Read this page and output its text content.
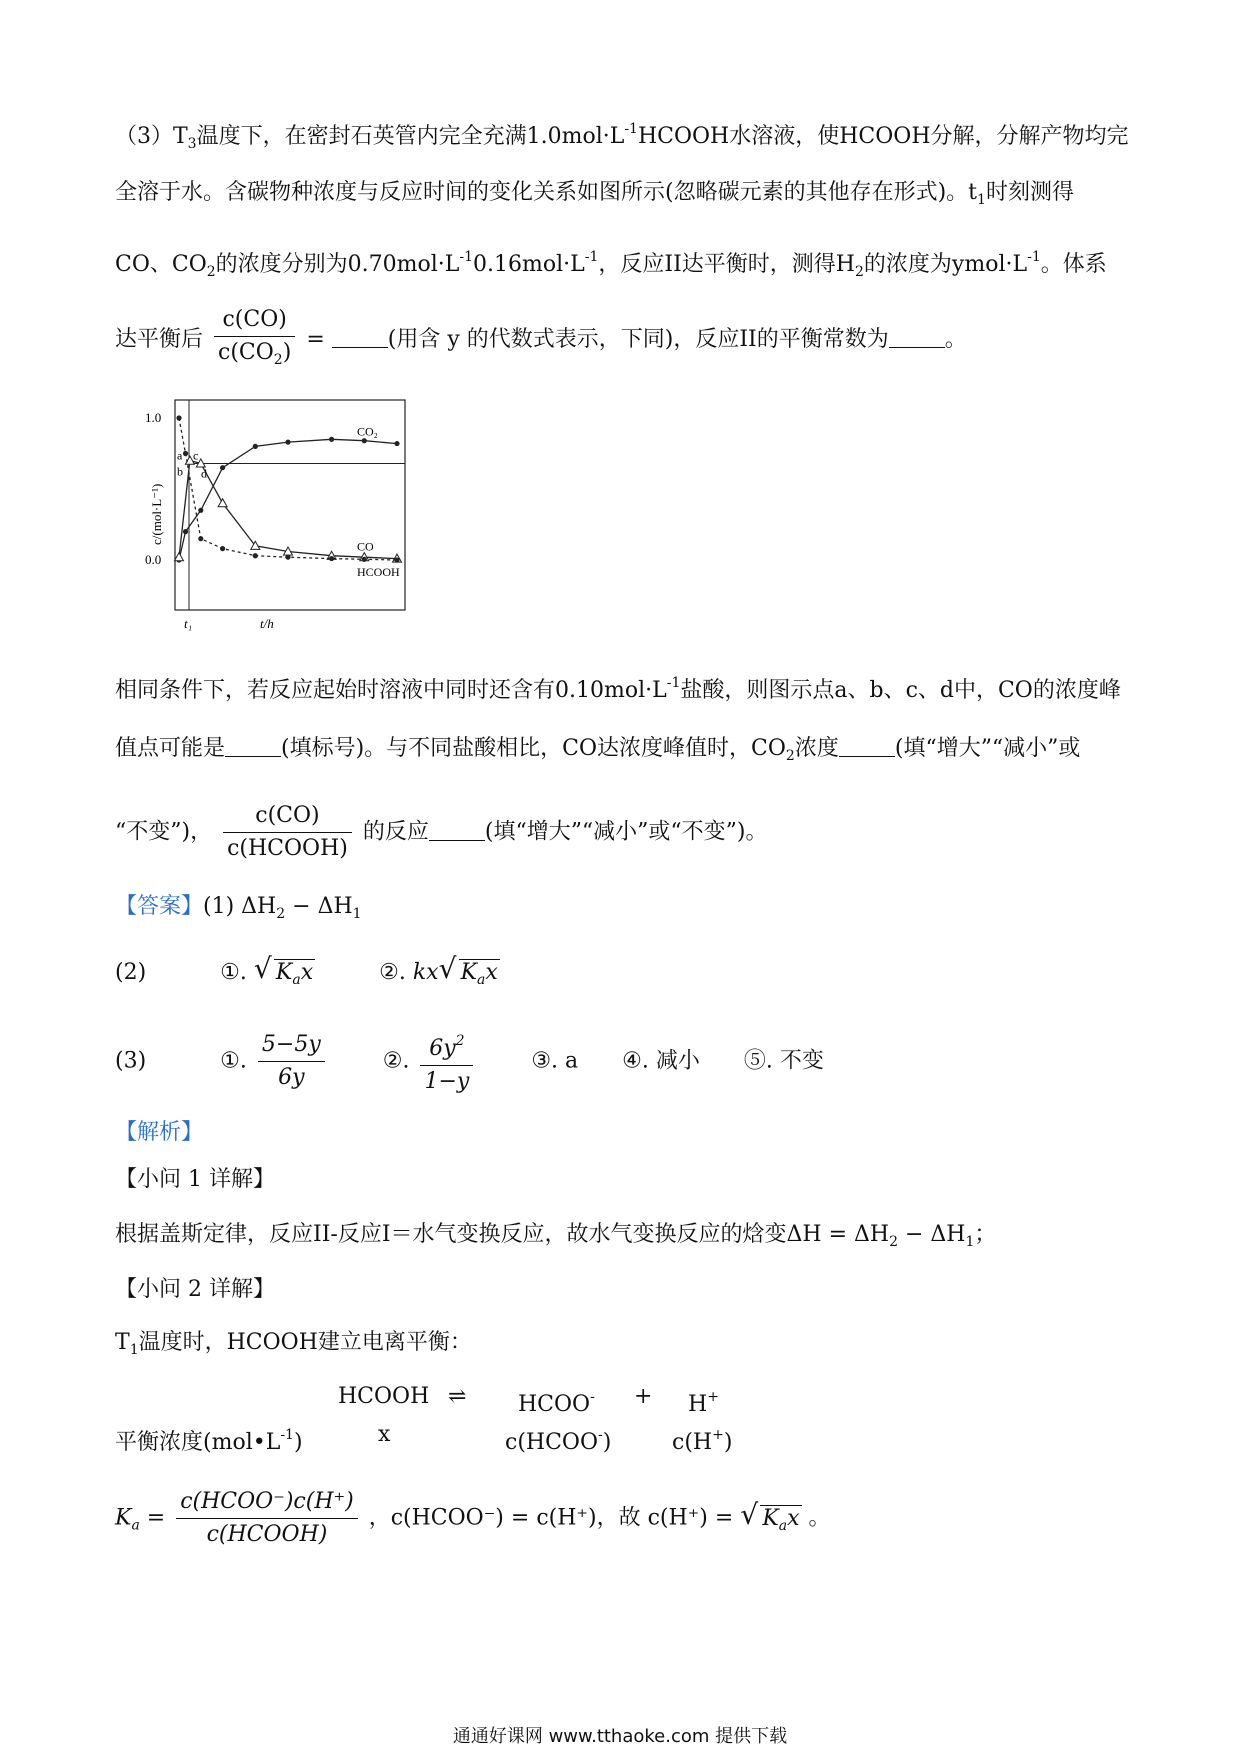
$(3)T_3$温度下，在密封石英管内完全充满$1.0mol\cdot L^{-1}HCOOH$水溶液，使HCOOH分解，分解产物均完
全溶于水。含碳物种浓度与反应时间的变化关系如图所示(忽略碳元素的其他存在形式)。$t_1$时刻测得
CO、$CO_2$的浓度分别为$0.70mol\cdot L^{-1}0.16mol\cdot L^{-1}$，反应II达平衡时，测得$H_2$的浓度为$ymol\cdot L^{-1}$。体系
达平衡后 $\frac{c(CO)}{c(CO_2)}$ =	(用含 y 的代数式表示，下同)，反应II的平衡常数为	。
1.0
0.0
c/(mol·L⁻¹)
t₁	t/h
CO₂
CO
HCOOH
a
b
c
d
相同条件下，若反应起始时溶液中同时还含有$0.10mol\cdot L^{-1}$盐酸，则图示点a、b、c、d中，CO的浓度峰
值点可能是	(填标号)。与不同盐酸相比，CO达浓度峰值时，$CO_2$浓度	(填“增大”“减小”或
“不变”)， $\frac{c(CO)}{\text{c(HCOOH)}}$ 的反应	(填“增大”“减小”或“不变”)。
【答案】(1) $\Delta H_2 - \Delta H_1$
(2)	①. √ $K_ax$	②. kx √ $K_ax$
(3)	①. $\frac{5-5y}{6y}$	②. $\frac{6y^2}{1-y}$	③. a ④. 减小 ⑤. 不变
【解析】
【小问 1 详解】
根据盖斯定律，反应II-反应I＝水气变换反应，故水气变换反应的焓变$\Delta H = \Delta H_2 - \Delta H_1$；
【小问 2 详解】
$T_1$温度时，HCOOH建立电离平衡：
HCOOH ⇌ HCOO- + H+
平衡浓度$(mol•L^{-1})$	x	c(HCOO-)	c(H+)
$K_a = \frac{\text{c(HCOO⁻)c(H⁺)}}{\text{c(HCOOH)}}$ ，c(HCOO⁻) = c(H⁺)，故 c(H⁺) = √ $K_ax$ 。
通通好课网 www.tthaoke.com 提供下载
